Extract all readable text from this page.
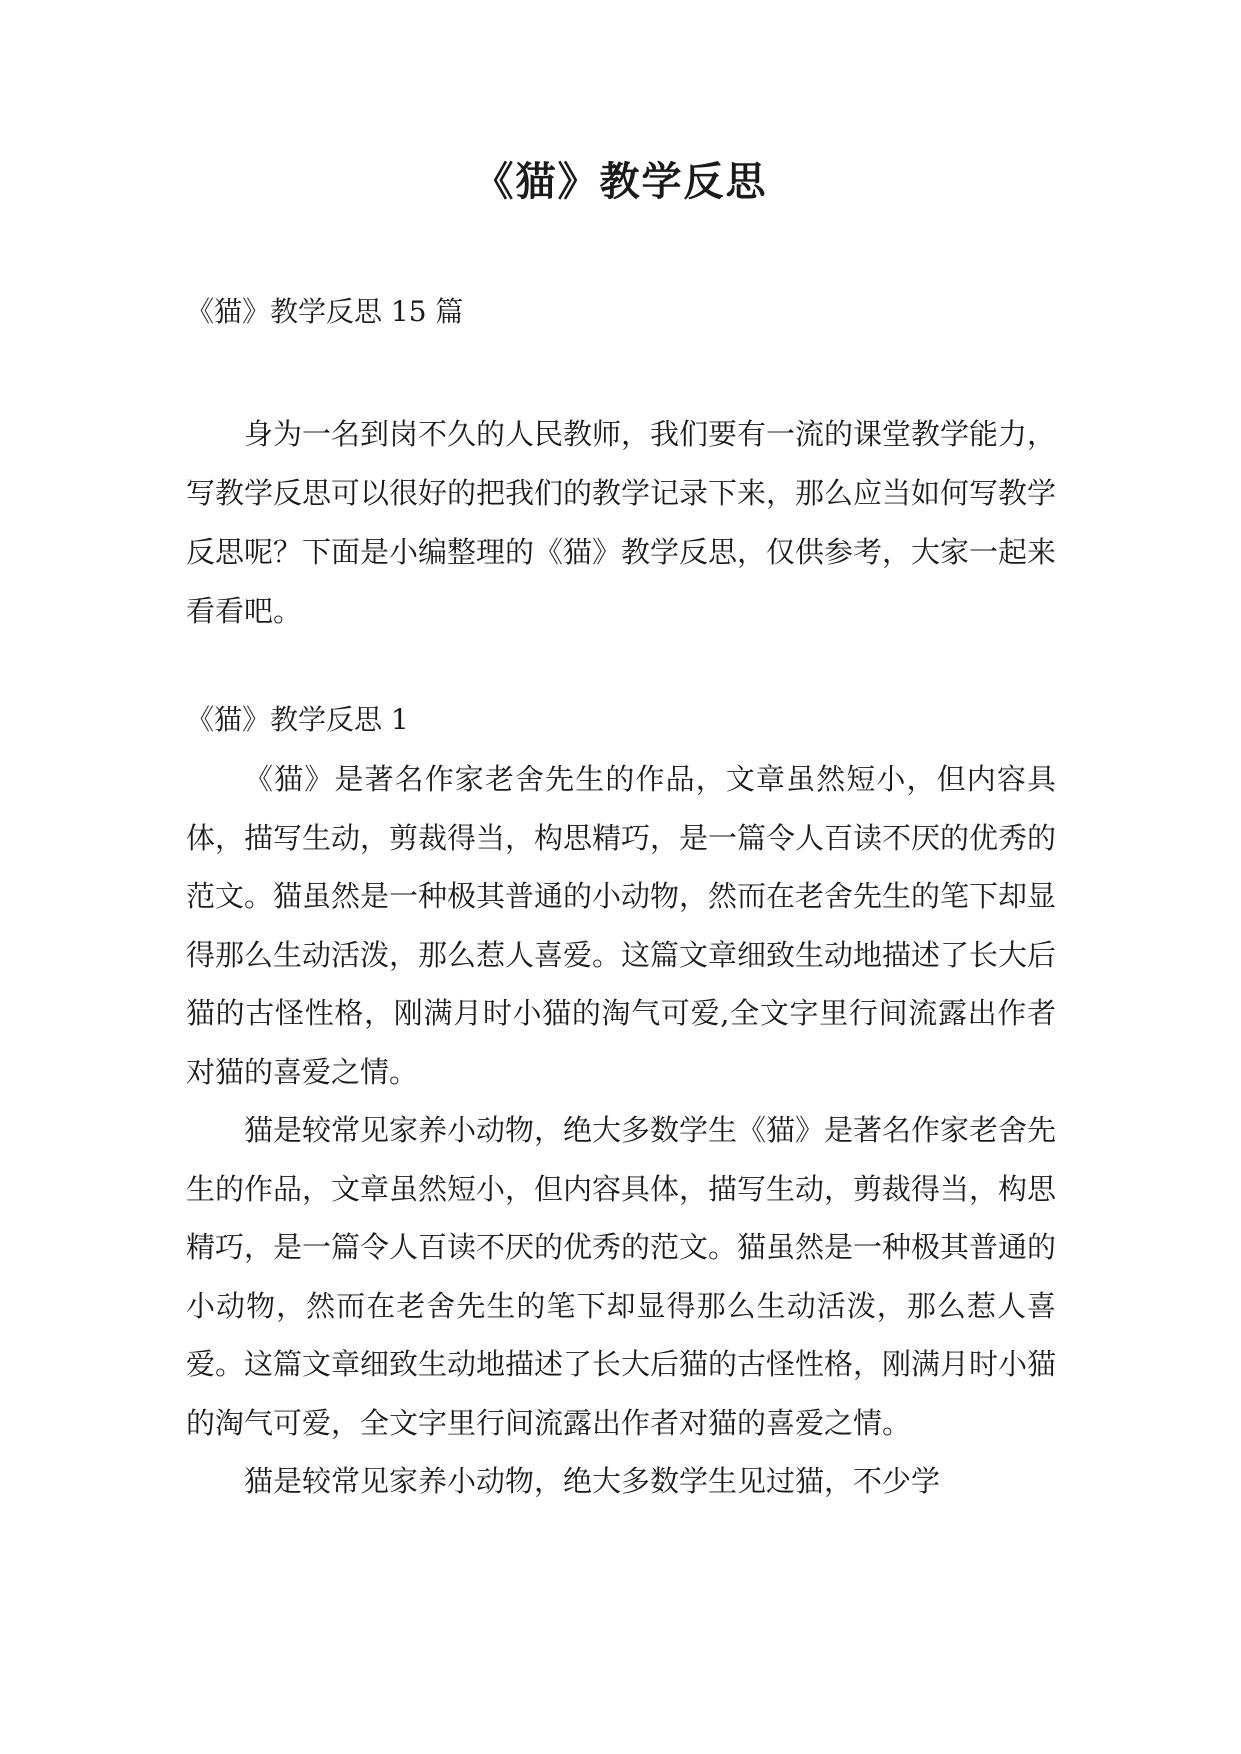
《猫》教学反思
《猫》教学反思 15 篇

身为一名到岗不久的人民教师，我们要有一流的课堂教学能力，写教学反思可以很好的把我们的教学记录下来，那么应当如何写教学反思呢？下面是小编整理的《猫》教学反思，仅供参考，大家一起来看看吧。

《猫》教学反思 1

《猫》是著名作家老舍先生的作品，文章虽然短小，但内容具体，描写生动，剪裁得当，构思精巧，是一篇令人百读不厌的优秀的范文。猫虽然是一种极其普通的小动物，然而在老舍先生的笔下却显得那么生动活泼，那么惹人喜爱。这篇文章细致生动地描述了长大后猫的古怪性格，刚满月时小猫的淘气可爱,全文字里行间流露出作者对猫的喜爱之情。

猫是较常见家养小动物，绝大多数学生《猫》是著名作家老舍先生的作品，文章虽然短小，但内容具体，描写生动，剪裁得当，构思精巧，是一篇令人百读不厌的优秀的范文。猫虽然是一种极其普通的小动物，然而在老舍先生的笔下却显得那么生动活泼，那么惹人喜爱。这篇文章细致生动地描述了长大后猫的古怪性格，刚满月时小猫的淘气可爱，全文字里行间流露出作者对猫的喜爱之情。

猫是较常见家养小动物，绝大多数学生见过猫，不少学
